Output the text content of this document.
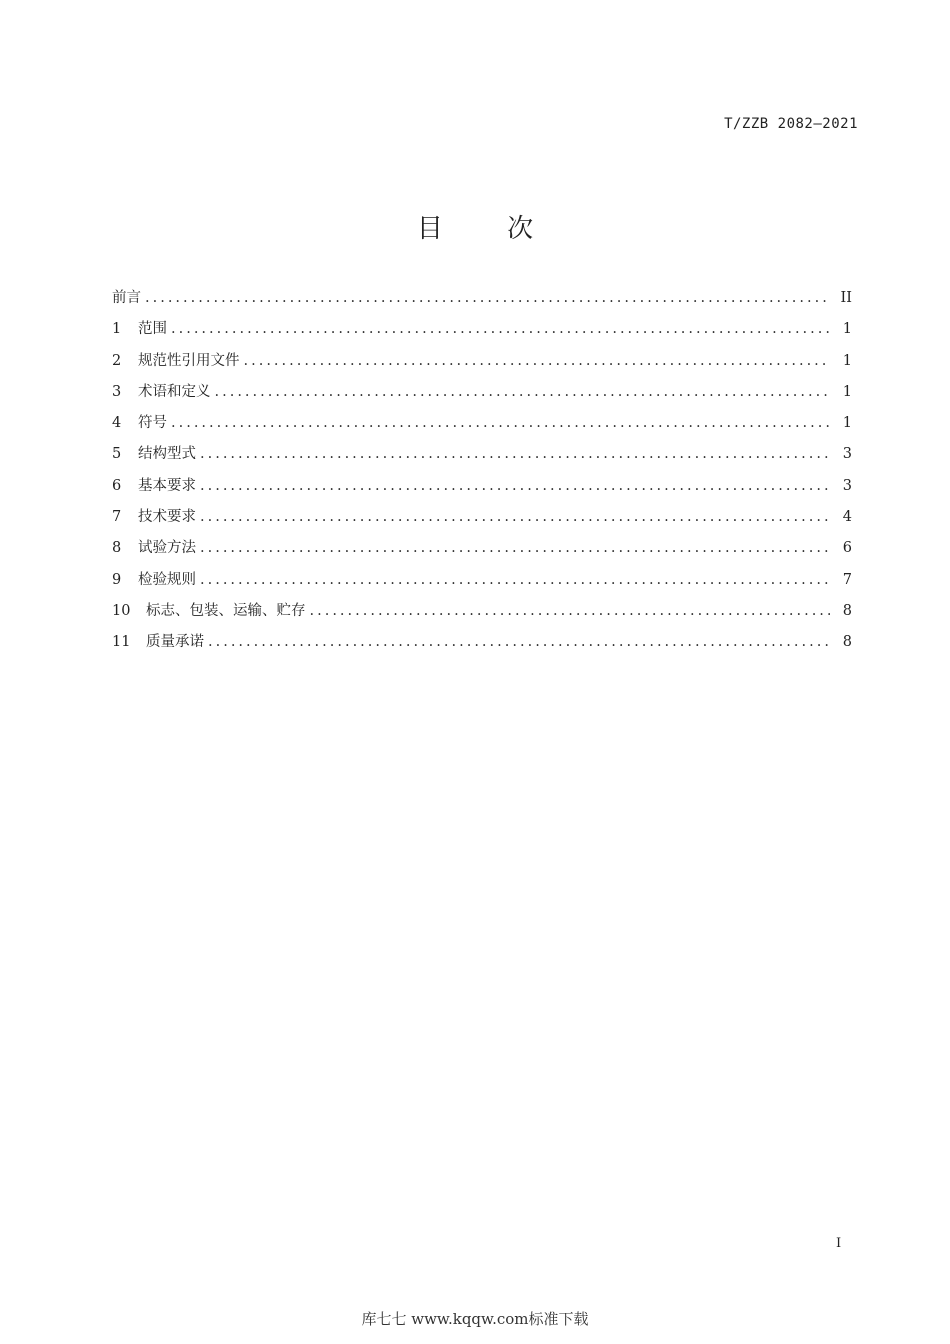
T/ZZB 2082—2021
目 次
前言 .....	II
1	范围 .....	1
2	规范性引用文件 .....	1
3	术语和定义 .....	1
4	符号 .....	1
5	结构型式 .....	3
6	基本要求 .....	3
7	技术要求 .....	4
8	试验方法 .....	6
9	检验规则 .....	7
10	标志、包装、运输、贮存 .....	8
11	质量承诺 .....	8
I
库七七 www.kqqw.com标准下载
